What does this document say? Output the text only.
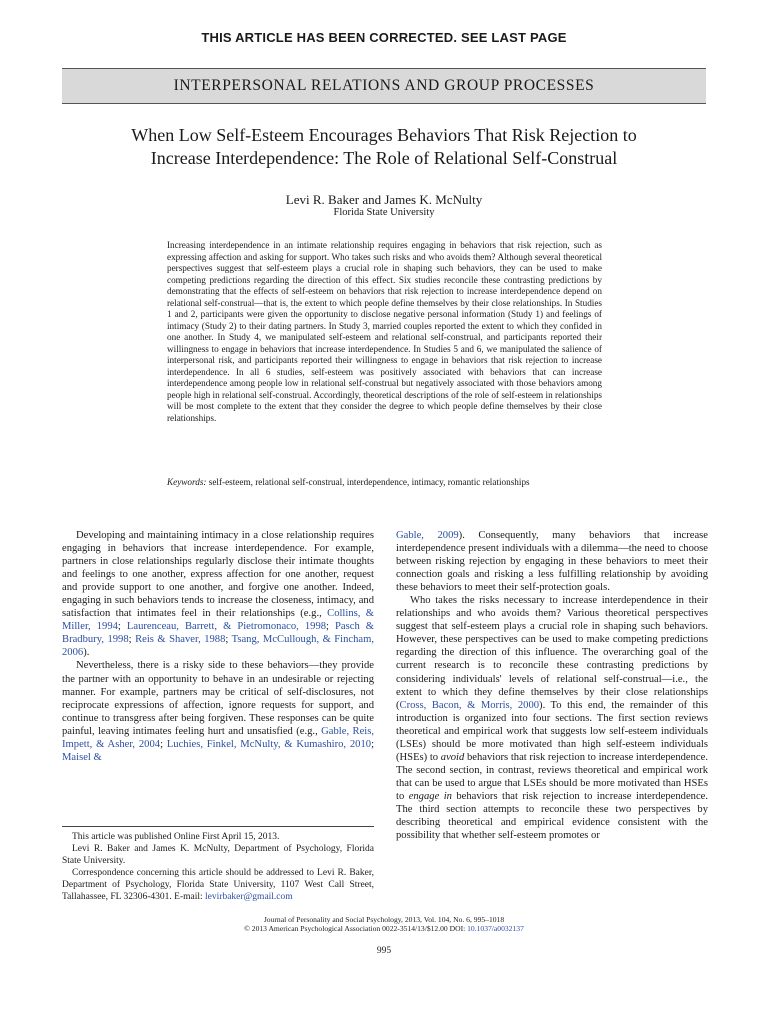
THIS ARTICLE HAS BEEN CORRECTED. SEE LAST PAGE
INTERPERSONAL RELATIONS AND GROUP PROCESSES
When Low Self-Esteem Encourages Behaviors That Risk Rejection to
Increase Interdependence: The Role of Relational Self-Construal
Levi R. Baker and James K. McNulty
Florida State University
Increasing interdependence in an intimate relationship requires engaging in behaviors that risk rejection, such as expressing affection and asking for support. Who takes such risks and who avoids them? Although several theoretical perspectives suggest that self-esteem plays a crucial role in shaping such behaviors, they can be used to make competing predictions regarding the direction of this effect. Six studies reconcile these contrasting predictions by demonstrating that the effects of self-esteem on behaviors that risk rejection to increase interdependence depend on relational self-construal—that is, the extent to which people define themselves by their close relationships. In Studies 1 and 2, participants were given the opportunity to disclose negative personal information (Study 1) and feelings of intimacy (Study 2) to their dating partners. In Study 3, married couples reported the extent to which they confided in one another. In Study 4, we manipulated self-esteem and relational self-construal, and participants reported their willingness to engage in behaviors that increase interdependence. In Studies 5 and 6, we manipulated the salience of interpersonal risk, and participants reported their willingness to engage in behaviors that risk rejection to increase interdependence. In all 6 studies, self-esteem was positively associated with behaviors that can increase interdependence among people low in relational self-construal but negatively associated with those behaviors among people high in relational self-construal. Accordingly, theoretical descriptions of the role of self-esteem in relationships will be most complete to the extent that they consider the degree to which people define themselves by their close relationships.
Keywords: self-esteem, relational self-construal, interdependence, intimacy, romantic relationships

Developing and maintaining intimacy in a close relationship requires engaging in behaviors that increase interdependence. For example, partners in close relationships regularly disclose their intimate thoughts and feelings to one another, express affection for one another, request and provide support to one another, and forgive one another. Indeed, engaging in such behaviors tends to increase the closeness, intimacy, and satisfaction that intimates feel in their relationships (e.g., Collins, & Miller, 1994; Laurenceau, Barrett, & Pietromonaco, 1998; Pasch & Bradbury, 1998; Reis & Shaver, 1988; Tsang, McCullough, & Fincham, 2006).

Nevertheless, there is a risky side to these behaviors—they provide the partner with an opportunity to behave in an undesirable or rejecting manner. For example, partners may be critical of self-disclosures, not reciprocate expressions of affection, ignore requests for support, and continue to transgress after being forgiven. These responses can be quite painful, leaving intimates feeling hurt and unsatisfied (e.g., Gable, Reis, Impett, & Asher, 2004; Luchies, Finkel, McNulty, & Kumashiro, 2010; Maisel &

Gable, 2009). Consequently, many behaviors that increase interdependence present individuals with a dilemma—the need to choose between risking rejection by engaging in these behaviors to meet their connection goals and risking a less fulfilling relationship by avoiding these behaviors to meet their self-protection goals.

Who takes the risks necessary to increase interdependence in their relationships and who avoids them? Various theoretical perspectives suggest that self-esteem plays a crucial role in shaping such behaviors. However, these perspectives can be used to make competing predictions regarding the direction of this influence. The overarching goal of the current research is to reconcile these contrasting predictions by considering individuals' levels of relational self-construal—i.e., the extent to which they define themselves by their close relationships (Cross, Bacon, & Morris, 2000). To this end, the remainder of this introduction is organized into four sections. The first section reviews theoretical and empirical work that suggests low self-esteem individuals (LSEs) should be more motivated than high self-esteem individuals (HSEs) to avoid behaviors that risk rejection to increase interdependence. The second section, in contrast, reviews theoretical and empirical work that can be used to argue that LSEs should be more motivated than HSEs to engage in behaviors that risk rejection to increase interdependence. The third section attempts to reconcile these two perspectives by describing theoretical and empirical evidence consistent with the possibility that whether self-esteem promotes or

This article was published Online First April 15, 2013.

Levi R. Baker and James K. McNulty, Department of Psychology, Florida State University.

Correspondence concerning this article should be addressed to Levi R. Baker, Department of Psychology, Florida State University, 1107 West Call Street, Tallahassee, FL 32306-4301. E-mail: levirbaker@gmail.com

Journal of Personality and Social Psychology, 2013, Vol. 104, No. 6, 995–1018
© 2013 American Psychological Association 0022-3514/13/$12.00 DOI: 10.1037/a0032137
995
